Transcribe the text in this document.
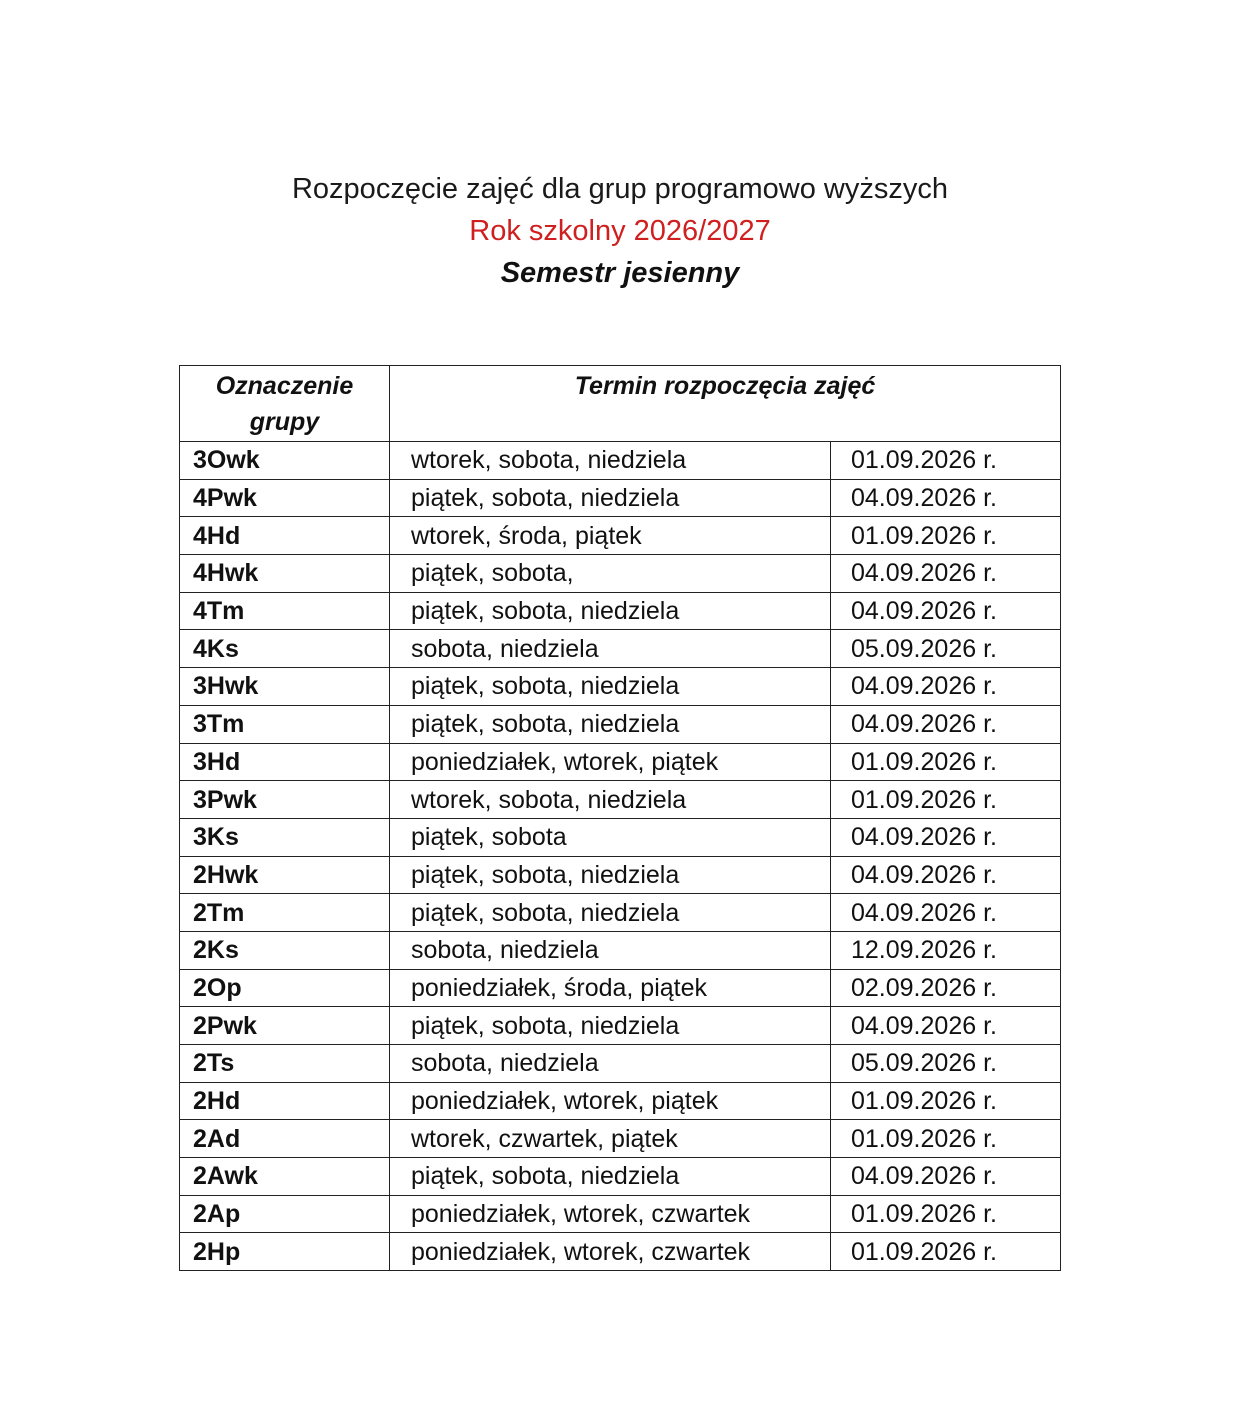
Rozpoczęcie zajęć dla grup programowo wyższych
Rok szkolny 2026/2027
Semestr jesienny
Oznaczenie grupy	Termin rozpoczęcia zajęć	
3Owk	wtorek, sobota, niedziela	01.09.2026 r.
4Pwk	piątek, sobota, niedziela	04.09.2026 r.
4Hd	wtorek, środa, piątek	01.09.2026 r.
4Hwk	piątek, sobota,	04.09.2026 r.
4Tm	piątek, sobota, niedziela	04.09.2026 r.
4Ks	sobota, niedziela	05.09.2026 r.
3Hwk	piątek, sobota, niedziela	04.09.2026 r.
3Tm	piątek, sobota, niedziela	04.09.2026 r.
3Hd	poniedziałek, wtorek, piątek	01.09.2026 r.
3Pwk	wtorek, sobota, niedziela	01.09.2026 r.
3Ks	piątek, sobota	04.09.2026 r.
2Hwk	piątek, sobota, niedziela	04.09.2026 r.
2Tm	piątek, sobota, niedziela	04.09.2026 r.
2Ks	sobota, niedziela	12.09.2026 r.
2Op	poniedziałek, środa, piątek	02.09.2026 r.
2Pwk	piątek, sobota, niedziela	04.09.2026 r.
2Ts	sobota, niedziela	05.09.2026 r.
2Hd	poniedziałek, wtorek, piątek	01.09.2026 r.
2Ad	wtorek, czwartek, piątek	01.09.2026 r.
2Awk	piątek, sobota, niedziela	04.09.2026 r.
2Ap	poniedziałek, wtorek, czwartek	01.09.2026 r.
2Hp	poniedziałek, wtorek, czwartek	01.09.2026 r.
